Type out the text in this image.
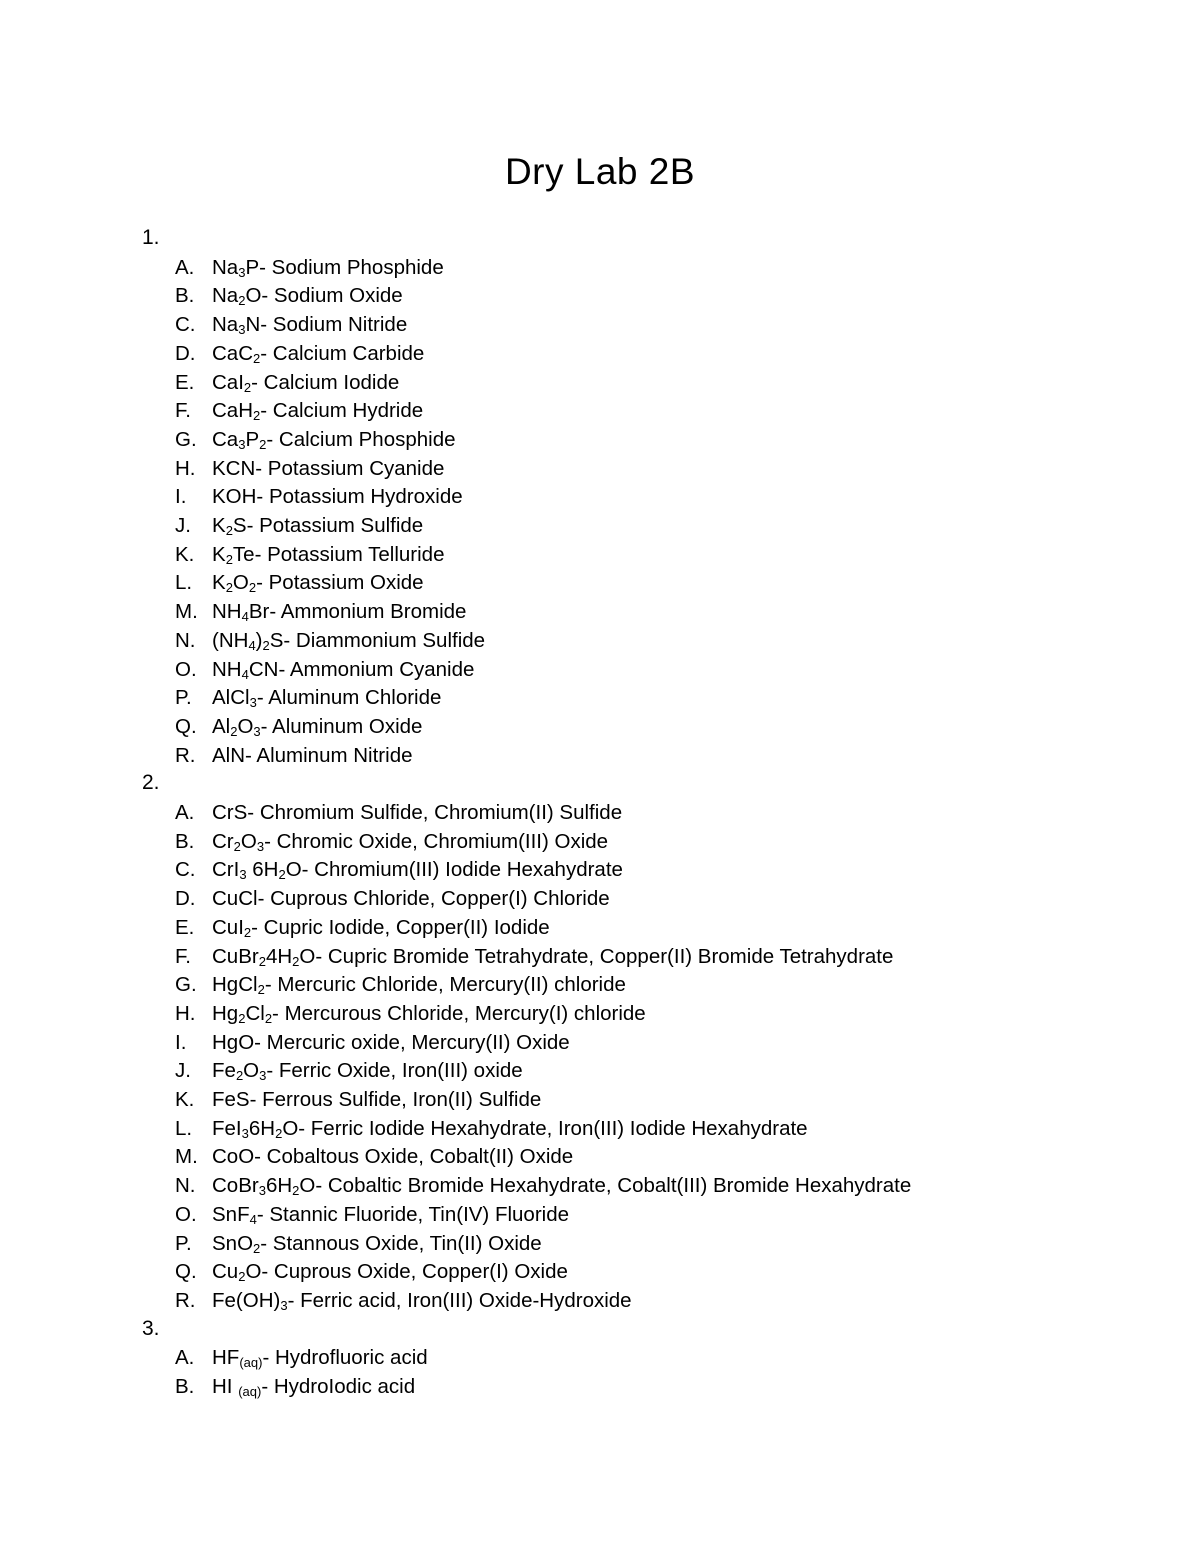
Dry Lab 2B
1.
A. $Na_3P-$ Sodium Phosphide
B. $Na_2O-$ Sodium Oxide
C. $Na_3N-$ Sodium Nitride
D. CaC$_2$- Calcium Carbide
E. CaI$_2$- Calcium Iodide
F. CaH$_2$- Calcium Hydride
G. $Ca_3P_2-$ Calcium Phosphide
H. KCN- Potassium Cyanide
I. KOH- Potassium Hydroxide
J. $K_2S-$ Potassium Sulfide
K. $K_2Te-$ Potassium Telluride
L. $K_2O_2-$ Potassium Oxide
M. $NH_4Br-$ Ammonium Bromide
N. $(NH_4)_2S-$ Diammonium Sulfide
O. $NH_4CN-$ Ammonium Cyanide
P. AlCl$_3$- Aluminum Chloride
Q. $Al_2O_3-$ Aluminum Oxide
R. AlN- Aluminum Nitride
2.
A. CrS- Chromium Sulfide, Chromium(II) Sulfide
B. $Cr_2O_3-$ Chromic Oxide, Chromium(III) Oxide
C. CrI$_3$ $6H_2O-$ Chromium(III) Iodide Hexahydrate
D. CuCl- Cuprous Chloride, Copper(I) Chloride
E. CuI$_2$- Cupric Iodide, Copper(II) Iodide
F. $CuBr_24H_2O-$ Cupric Bromide Tetrahydrate, Copper(II) Bromide Tetrahydrate
G. HgCl$_2$- Mercuric Chloride, Mercury(II) chloride
H. $Hg_2Cl_2-$ Mercurous Chloride, Mercury(I) chloride
I. HgO- Mercuric oxide, Mercury(II) Oxide
J. $Fe_2O_3-$ Ferric Oxide, Iron(III) oxide
K. FeS- Ferrous Sulfide, Iron(II) Sulfide
L. $FeI_36H_2O-$ Ferric Iodide Hexahydrate, Iron(III) Iodide Hexahydrate
M. CoO- Cobaltous Oxide, Cobalt(II) Oxide
N. $CoBr_36H_2O-$ Cobaltic Bromide Hexahydrate, Cobalt(III) Bromide Hexahydrate
O. SnF$_4$- Stannic Fluoride, Tin(IV) Fluoride
P. SnO$_2$- Stannous Oxide, Tin(II) Oxide
Q. $Cu_2O-$ Cuprous Oxide, Copper(I) Oxide
R. $Fe(OH)_3-$ Ferric acid, Iron(III) Oxide-Hydroxide
3.
A. $HF_{(aq)}-$ Hydrofluoric acid
B. HI $_{(aq)}$- HydroIodic acid
